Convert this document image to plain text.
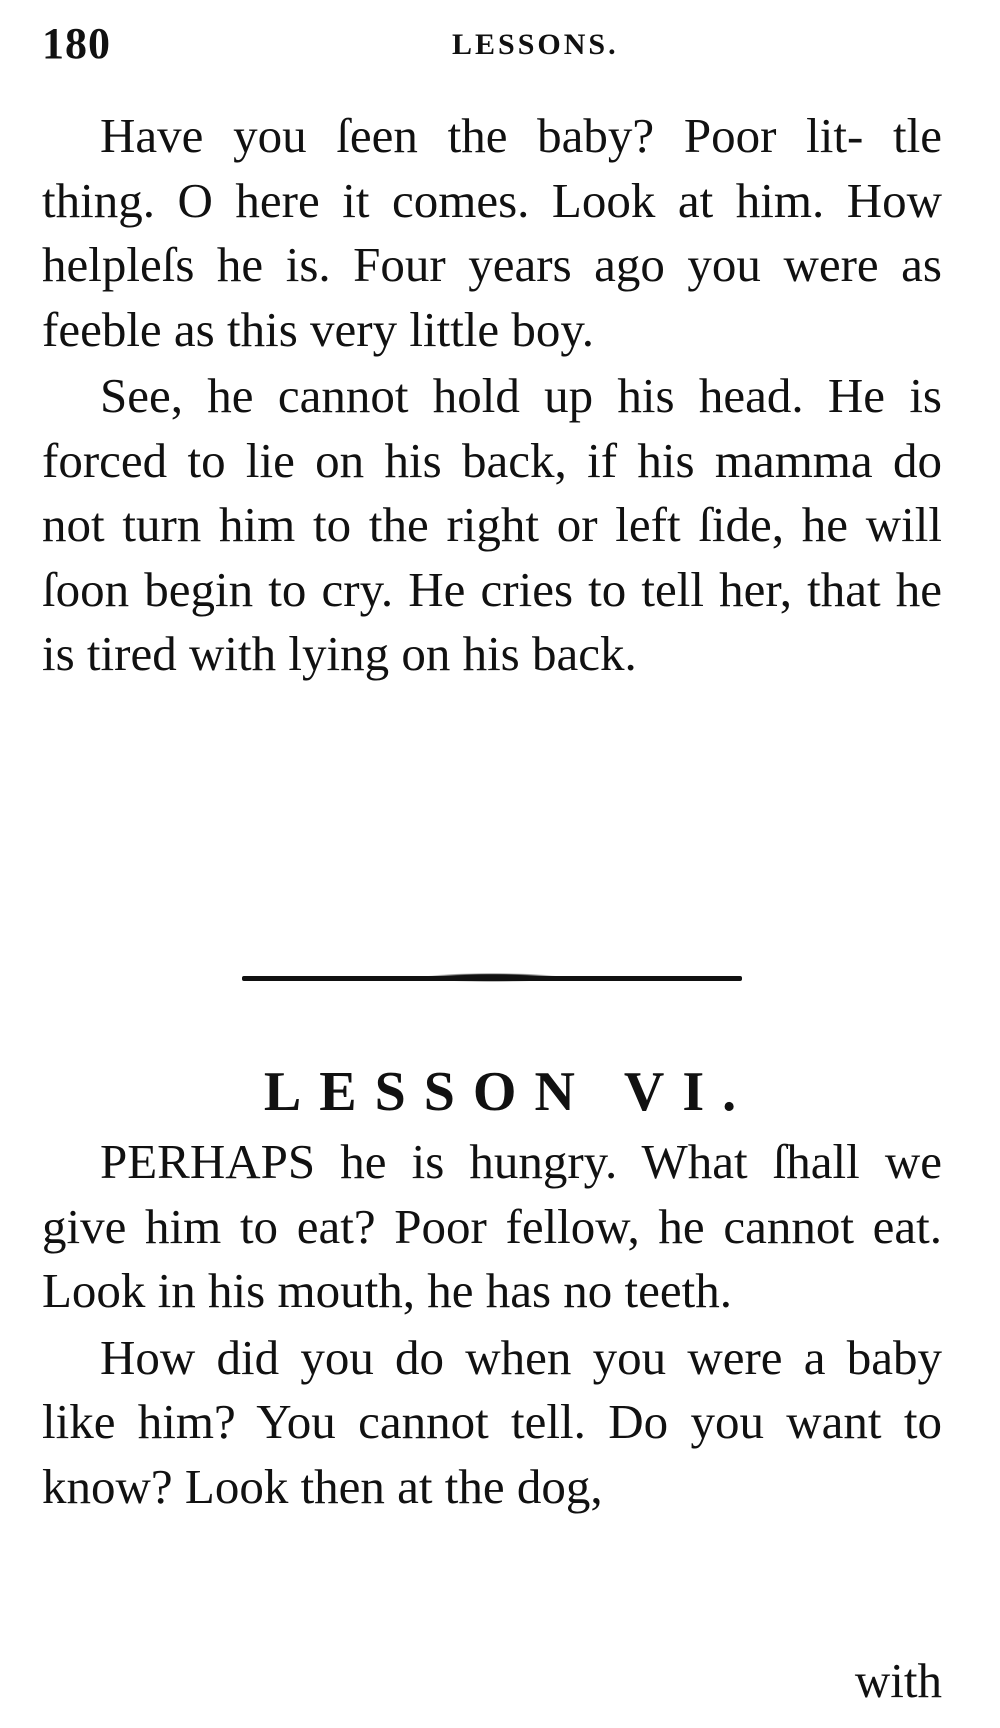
180	LESSONS.

Have you ſeen the baby? Poor lit- tle thing. O here it comes. Look at him. How helpleſs he is. Four years ago you were as feeble as this very little boy.

See, he cannot hold up his head. He is forced to lie on his back, if his mamma do not turn him to the right or left ſide, he will ſoon begin to cry. He cries to tell her, that he is tired with lying on his back.

LESSON VI.

PERHAPS he is hungry. What ſhall we give him to eat? Poor fellow, he cannot eat. Look in his mouth, he has no teeth.

How did you do when you were a baby like him? You cannot tell. Do you want to know? Look then at the dog,

with
